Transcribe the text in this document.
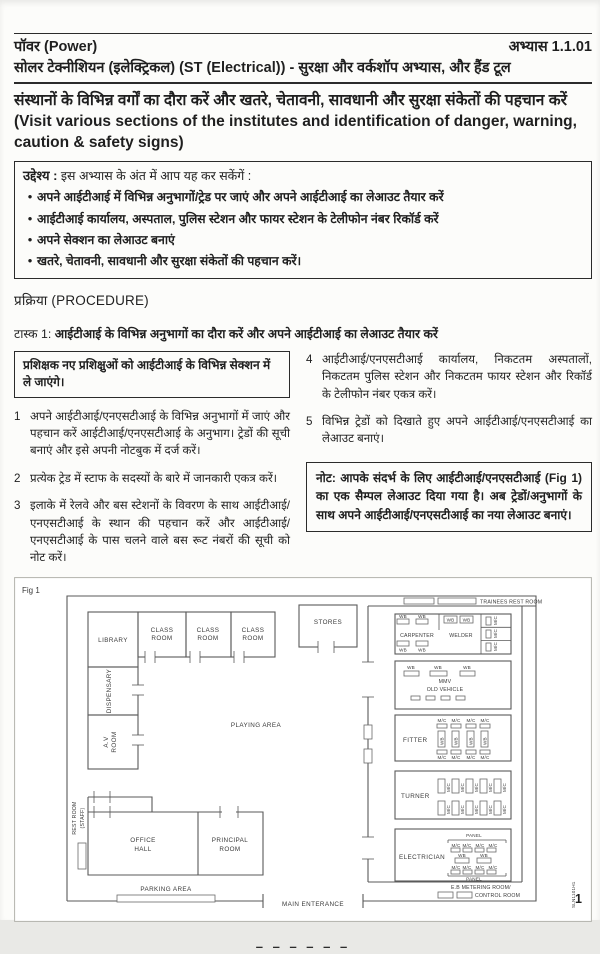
पॉवर (Power)	अभ्यास 1.1.01
सोलर टेक्नीशियन (इलेक्ट्रिकल) (ST (Electrical)) - सुरक्षा और वर्कशॉप अभ्यास, और हैंड टूल
संस्थानों के विभिन्न वर्गों का दौरा करें और खतरे, चेतावनी, सावधानी और सुरक्षा संकेतों की पहचान करें
(Visit various sections of the institutes and identification of danger, warning, caution & safety signs)
उद्देश्य : इस अभ्यास के अंत में आप यह कर सकेंगें :
• अपने आईटीआई में विभिन्न अनुभागों/ट्रेड पर जाएं और अपने आईटीआई का लेआउट तैयार करें
• आईटीआई कार्यालय, अस्पताल, पुलिस स्टेशन और फायर स्टेशन के टेलीफोन नंबर रिकॉर्ड करें
• अपने सेक्शन का लेआउट बनाएं
• खतरे, चेतावनी, सावधानी और सुरक्षा संकेतों की पहचान करें।
प्रक्रिया (PROCEDURE)
टास्क 1: आईटीआई के विभिन्न अनुभागों का दौरा करें और अपने आईटीआई का लेआउट तैयार करें
प्रशिक्षक नए प्रशिक्षुओं को आईटीआई के विभिन्न सेक्शन में ले जाएंगे।
1 अपने आईटीआई/एनएसटीआई के विभिन्न अनुभागों में जाएं और पहचान करें आईटीआई/एनएसटीआई के अनुभाग। ट्रेडों की सूची बनाएं और इसे अपनी नोटबुक में दर्ज करें।
2 प्रत्येक ट्रेड में स्टाफ के सदस्यों के बारे में जानकारी एकत्र करें।
3 इलाके में रेलवे और बस स्टेशनों के विवरण के साथ आईटीआई/एनएसटीआई के स्थान की पहचान करें और आईटीआई/एनएसटीआई के पास चलने वाले बस रूट नंबरों की सूची को नोट करें।
4 आईटीआई/एनएसटीआई कार्यालय, निकटतम अस्पतालों, निकटतम पुलिस स्टेशन और निकटतम फायर स्टेशन और रिकॉर्ड के टेलीफोन नंबर एकत्र करें।
5 विभिन्न ट्रेडों को दिखाते हुए अपने आईटीआई/एनएसटीआई का लेआउट बनाएं।
नोट: आपके संदर्भ के लिए आईटीआई/एनएसटीआई (Fig 1) का एक सैम्पल लेआउट दिया गया है। अब ट्रेडों/अनुभागों के साथ अपने आईटीआई/एनएसटीआई का नया लेआउट बनाएं।
Fig 1
MAIN ENTERANCE
LIBRARY
CLASS
ROOM
CLASS
ROOM
CLASS
ROOM
DISPENSARY
A.V ROOM
STORES
PLAYING AREA
TRAINEES REST ROOM
M/C
M/C
M/C
WB WB
WB WB
CARPENTER	WELDER
WB WB
WB	WB	WB
MMV
OLD VEHICLE
FITTER
M/C M/C M/C M/C
WB WB WB WB
M/C M/C M/C M/C
TURNER
M/C M/C M/C M/C M/C
M/C M/C M/C M/C M/C
ELECTRICIAN
PANEL
M/C M/C M/C M/C
WB	WB
M/C M/C M/C M/C
PANEL
E.B METERING ROOM/
CONTROL ROOM
REST ROOM (STAFF)
OFFICE
HALL
PRINCIPAL
ROOM
PARKING AREA	SLN1101H1
– – – – – –
1
